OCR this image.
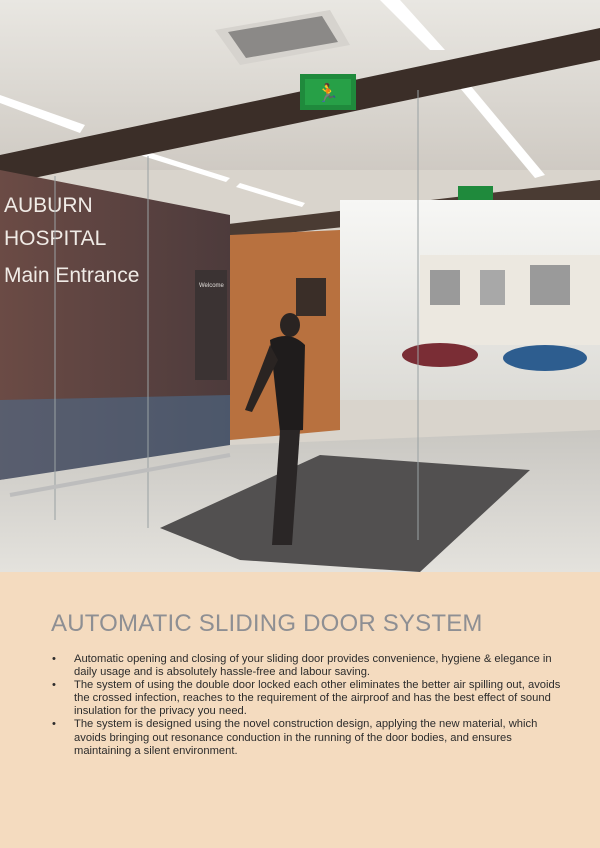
🏃
AUBURN
HOSPITAL
Main Entrance	Welcome
AUTOMATIC SLIDING DOOR SYSTEM
• Automatic opening and closing of your sliding door provides convenience, hygiene & elegance in daily usage and is absolutely hassle-free and labour saving.
• The system of using the double door locked each other eliminates the better air spilling out, avoids the crossed infection, reaches to the requirement of the airproof and has the best effect of sound insulation for the privacy you need.
• The system is designed using the novel construction design, applying the new material, which avoids bringing out resonance conduction in the running of the door bodies, and ensures maintaining a silent environment.
